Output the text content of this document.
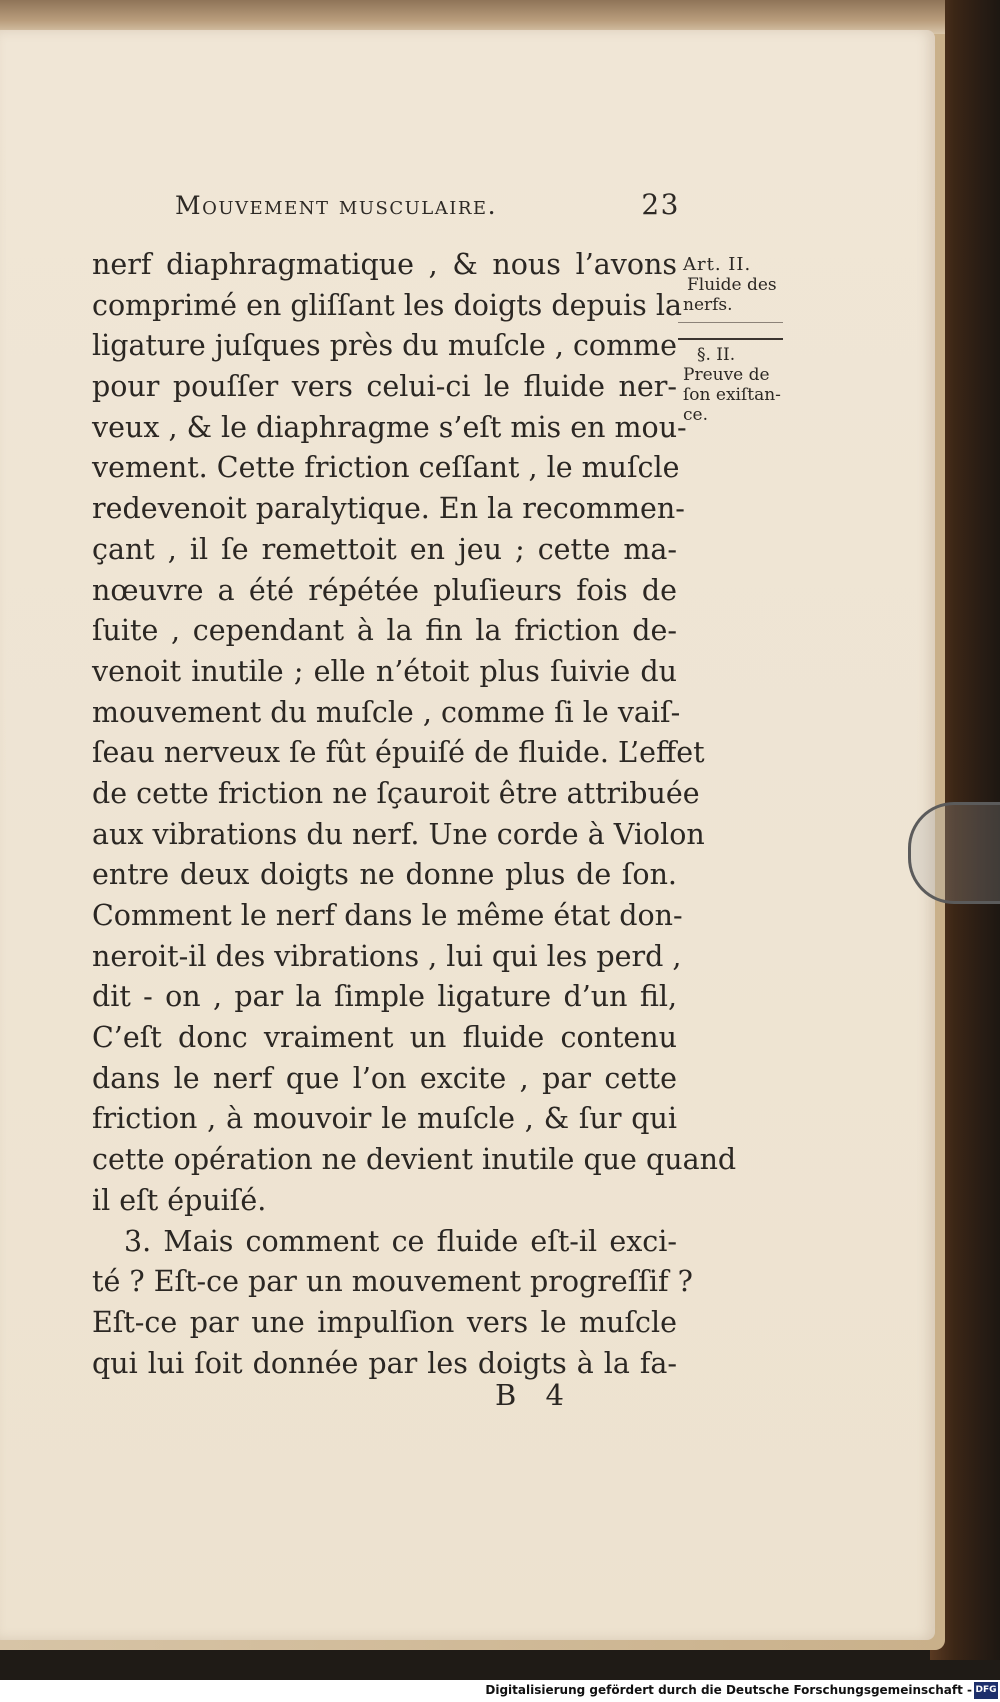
Mouvement musculaire.	23
nerf diaphragmatique , & nous l’avons
comprimé en gliſſant les doigts depuis la
ligature juſques près du muſcle , comme
pour pouſſer vers celui-ci le fluide ner-
veux , & le diaphragme s’eſt mis en mou-
vement. Cette friction ceſſant , le muſcle
redevenoit paralytique. En la recommen-
çant , il ſe remettoit en jeu ; cette ma-
nœuvre a été répétée pluſieurs fois de
ſuite , cependant à la fin la friction de-
venoit inutile ; elle n’étoit plus ſuivie du
mouvement du muſcle , comme ſi le vaiſ-
ſeau nerveux ſe fût épuiſé de fluide. L’effet
de cette friction ne ſçauroit être attribuée
aux vibrations du nerf. Une corde à Violon
entre deux doigts ne donne plus de ſon.
Comment le nerf dans le même état don-
neroit-il des vibrations , lui qui les perd ,
dit - on , par la ſimple ligature d’un fil,
C’eſt donc vraiment un fluide contenu
dans le nerf que l’on excite , par cette
friction , à mouvoir le muſcle , & ſur qui
cette opération ne devient inutile que quand
il eſt épuiſé.
3. Mais comment ce fluide eſt-il exci-
té ? Eſt-ce par un mouvement progreſſif ?
Eſt-ce par une impulſion vers le muſcle
qui lui ſoit donnée par les doigts à la fa-
Art. II.
Fluide des
nerfs.
§. II.
Preuve de
ſon exiſtan-
ce.
B 4
Digitalisierung gefördert durch die Deutsche Forschungsgemeinschaft - DFG
